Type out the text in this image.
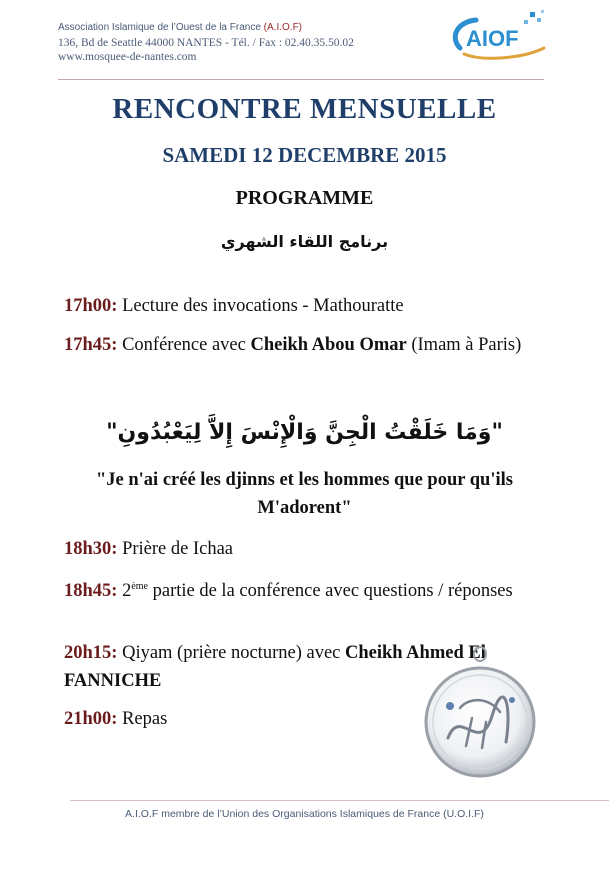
Association Islamique de l’Ouest de la France (A.I.O.F)
136, Bd de Seattle 44000 NANTES - Tél. / Fax : 02.40.35.50.02
www.mosquee-de-nantes.com
AIOF
RENCONTRE MENSUELLE
SAMEDI 12 DECEMBRE 2015
PROGRAMME
برنامج اللقاء الشهري
17h00: Lecture des invocations - Mathouratte
17h45: Conférence avec Cheikh Abou Omar (Imam à Paris)
"وَمَا خَلَقْتُ الْجِنَّ وَالْإِنْسَ إِلاَّ لِيَعْبُدُونِ"
"Je n'ai créé les djinns et les hommes que pour qu'ils M'adorent"
18h30: Prière de Ichaa
18h45: 2ème partie de la conférence avec questions / réponses
20h15: Qiyam (prière nocturne) avec Cheikh Ahmed El FANNICHE
21h00: Repas
A.I.O.F membre de l’Union des Organisations Islamiques de France (U.O.I.F)
